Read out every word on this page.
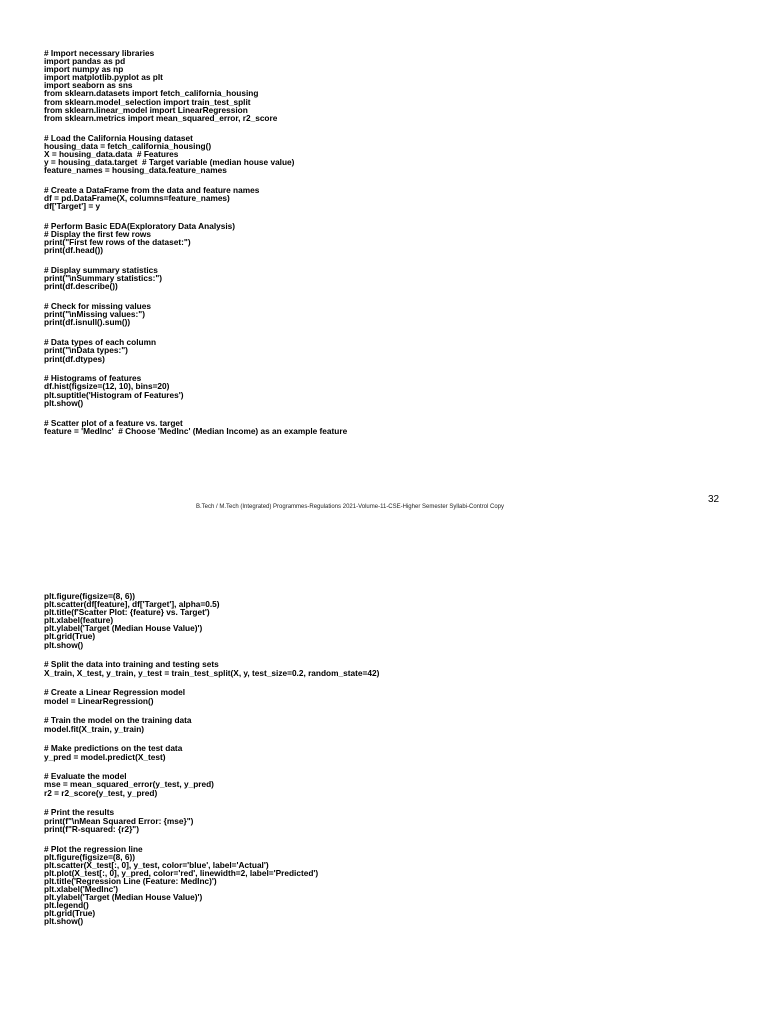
# Import necessary libraries
import pandas as pd
import numpy as np
import matplotlib.pyplot as plt
import seaborn as sns
from sklearn.datasets import fetch_california_housing
from sklearn.model_selection import train_test_split
from sklearn.linear_model import LinearRegression
from sklearn.metrics import mean_squared_error, r2_score
# Load the California Housing dataset
housing_data = fetch_california_housing()
X = housing_data.data  # Features
y = housing_data.target  # Target variable (median house value)
feature_names = housing_data.feature_names
# Create a DataFrame from the data and feature names
df = pd.DataFrame(X, columns=feature_names)
df['Target'] = y
# Perform Basic EDA(Exploratory Data Analysis)
# Display the first few rows
print("First few rows of the dataset:")
print(df.head())
# Display summary statistics
print("\nSummary statistics:")
print(df.describe())
# Check for missing values
print("\nMissing values:")
print(df.isnull().sum())
# Data types of each column
print("\nData types:")
print(df.dtypes)
# Histograms of features
df.hist(figsize=(12, 10), bins=20)
plt.suptitle('Histogram of Features')
plt.show()
# Scatter plot of a feature vs. target
feature = 'MedInc'  # Choose 'MedInc' (Median Income) as an example feature
32
B.Tech / M.Tech (Integrated) Programmes-Regulations 2021-Volume-11-CSE-Higher Semester Syllabi-Control Copy
plt.figure(figsize=(8, 6))
plt.scatter(df[feature], df['Target'], alpha=0.5)
plt.title(f'Scatter Plot: {feature} vs. Target')
plt.xlabel(feature)
plt.ylabel('Target (Median House Value)')
plt.grid(True)
plt.show()
# Split the data into training and testing sets
X_train, X_test, y_train, y_test = train_test_split(X, y, test_size=0.2, random_state=42)
# Create a Linear Regression model
model = LinearRegression()
# Train the model on the training data
model.fit(X_train, y_train)
# Make predictions on the test data
y_pred = model.predict(X_test)
# Evaluate the model
mse = mean_squared_error(y_test, y_pred)
r2 = r2_score(y_test, y_pred)
# Print the results
print(f"\nMean Squared Error: {mse}")
print(f"R-squared: {r2}")
# Plot the regression line
plt.figure(figsize=(8, 6))
plt.scatter(X_test[:, 0], y_test, color='blue', label='Actual')
plt.plot(X_test[:, 0], y_pred, color='red', linewidth=2, label='Predicted')
plt.title('Regression Line (Feature: MedInc)')
plt.xlabel('MedInc')
plt.ylabel('Target (Median House Value)')
plt.legend()
plt.grid(True)
plt.show()
